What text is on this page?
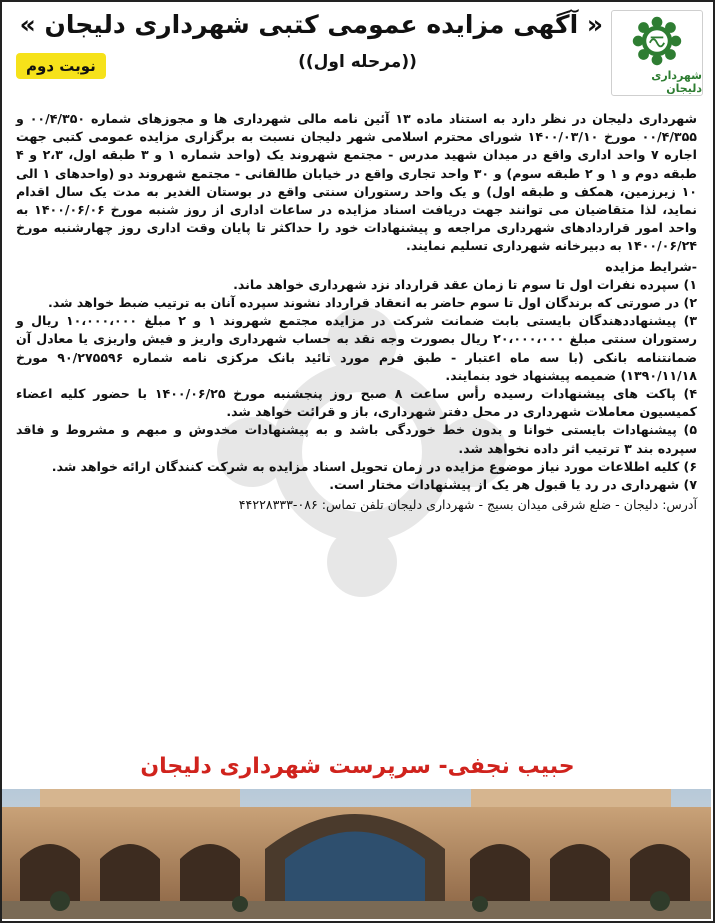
شهرداری دلیجان
« آگهی مزایده عمومی کتبی شهرداری دلیجان »
((مرحله اول))
نوبت دوم

شهرداری دلیجان در نظر دارد به استناد ماده ۱۳ آئین نامه مالی شهرداری ها و مجوزهای شماره ۰۰/۴/۳۵۰ و ۰۰/۴/۳۵۵ مورخ ۱۴۰۰/۰۳/۱۰ شورای محترم اسلامی شهر دلیجان نسبت به برگزاری مزایده عمومی کتبی جهت اجاره ۷ واحد اداری واقع در میدان شهید مدرس - مجتمع شهروند یک (واحد شماره ۱ و ۳ طبقه اول، ۲،۳ و ۴ طبقه دوم و ۱ و ۲ طبقه سوم) و ۳۰ واحد تجاری واقع در خیابان طالقانی - مجتمع شهروند دو (واحدهای ۱ الی ۱۰ زیرزمین، همکف و طبقه اول) و یک واحد رستوران سنتی واقع در بوستان الغدیر به مدت یک سال اقدام نماید، لذا متقاضیان می توانند جهت دریافت اسناد مزایده در ساعات اداری از روز شنبه مورخ ۱۴۰۰/۰۶/۰۶ به واحد امور قراردادهای شهرداری مراجعه و پیشنهادات خود را حداکثر تا پایان وقت اداری روز چهارشنبه مورخ ۱۴۰۰/۰۶/۲۴ به دبیرخانه شهرداری تسلیم نمایند.

-شرایط مزایده

۱) سپرده نفرات اول تا سوم تا زمان عقد قرارداد نزد شهرداری خواهد ماند.

۲) در صورتی که برندگان اول تا سوم حاضر به انعقاد قرارداد نشوند سپرده آنان به ترتیب ضبط خواهد شد.

۳) پیشنهاددهندگان بایستی بابت ضمانت شرکت در مزایده مجتمع شهروند ۱ و ۲ مبلغ ۱۰،۰۰۰،۰۰۰ ریال و رستوران سنتی مبلغ ۲۰،۰۰۰،۰۰۰ ریال بصورت وجه نقد به حساب شهرداری واریز و فیش واریزی یا معادل آن ضمانتنامه بانکی (با سه ماه اعتبار - طبق فرم مورد تائید بانک مرکزی نامه شماره ۹۰/۲۷۵۵۹۶ مورخ ۱۳۹۰/۱۱/۱۸) ضمیمه پیشنهاد خود بنمایند.

۴) پاکت های پیشنهادات رسیده رأس ساعت ۸ صبح روز پنجشنبه مورخ ۱۴۰۰/۰۶/۲۵ با حضور کلیه اعضاء کمیسیون معاملات شهرداری در محل دفتر شهرداری، باز و قرائت خواهد شد.

۵) پیشنهادات بایستی خوانا و بدون خط خوردگی باشد و به پیشنهادات مخدوش و مبهم و مشروط و فاقد سپرده بند ۳ ترتیب اثر داده نخواهد شد.

۶) کلیه اطلاعات مورد نیاز موضوع مزایده در زمان تحویل اسناد مزایده به شرکت کنندگان ارائه خواهد شد.

۷) شهرداری در رد یا قبول هر یک از پیشنهادات مختار است.

آدرس: دلیجان - ضلع شرقی میدان بسیج - شهرداری دلیجان تلفن تماس: ۰۸۶-۴۴۲۲۸۳۳۳

حبیب نجفی- سرپرست شهرداری دلیجان
